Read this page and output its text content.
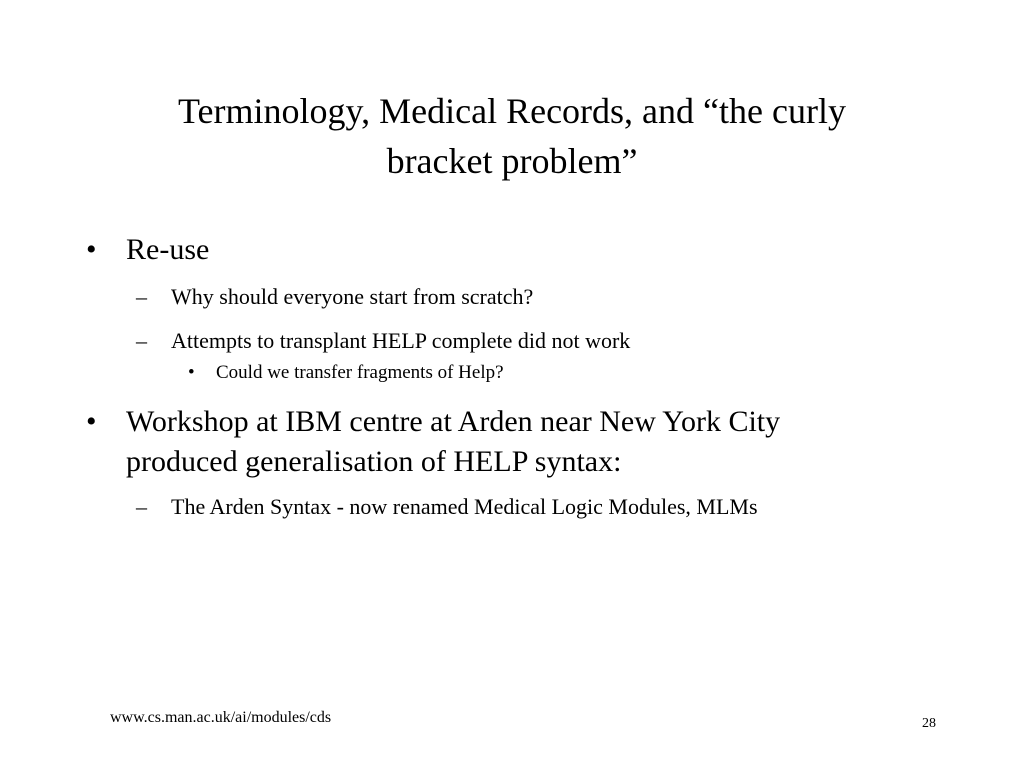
Terminology, Medical Records, and “the curly
bracket problem”
• Re-use
– Why should everyone start from scratch?
– Attempts to transplant HELP complete did not work
• Could we transfer fragments of Help?
• Workshop at IBM centre at Arden near New York City
produced generalisation of HELP syntax:
– The Arden Syntax - now renamed Medical Logic Modules, MLMs
www.cs.man.ac.uk/ai/modules/cds	28
